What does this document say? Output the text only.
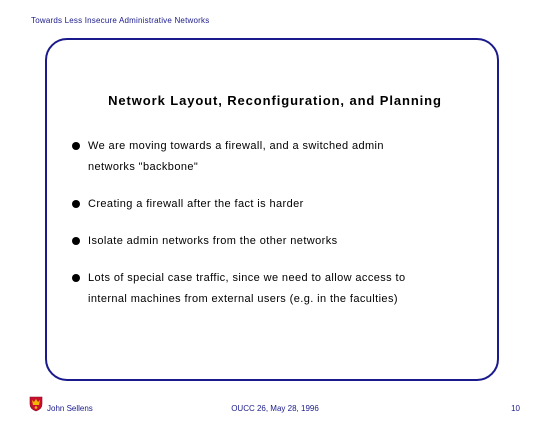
Towards Less Insecure Administrative Networks
Network Layout, Reconfiguration, and Planning
We are moving towards a firewall, and a switched admin
networks "backbone"
Creating a firewall after the fact is harder
Isolate admin networks from the other networks
Lots of special case traffic, since we need to allow access to
internal machines from external users (e.g. in the faculties)
John Sellens	OUCC 26, May 28, 1996	10
